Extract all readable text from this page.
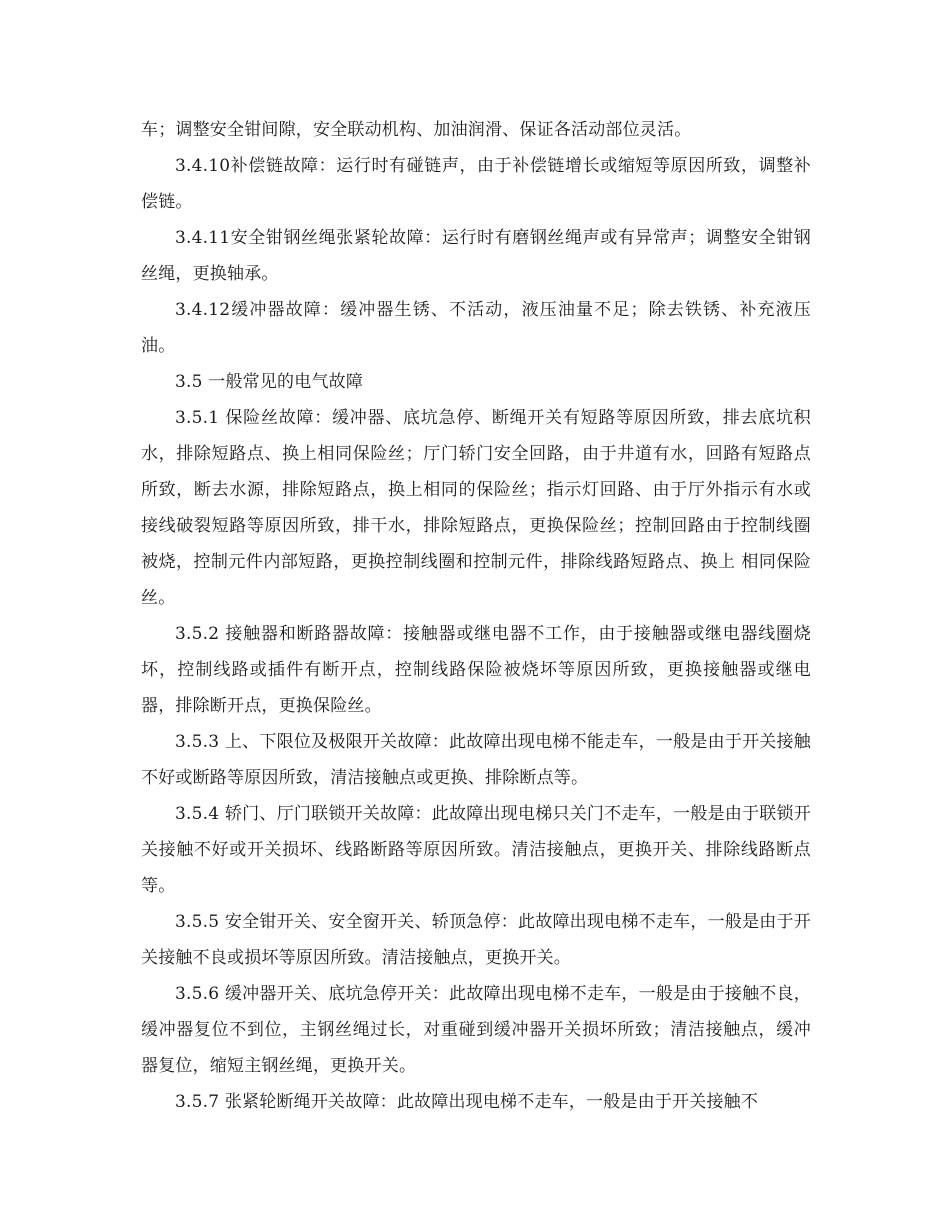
车；调整安全钳间隙，安全联动机构、加油润滑、保证各活动部位灵活。

3.4.10补偿链故障：运行时有碰链声，由于补偿链增长或缩短等原因所致，调整补偿链。

3.4.11安全钳钢丝绳张紧轮故障：运行时有磨钢丝绳声或有异常声；调整安全钳钢丝绳，更换轴承。

3.4.12缓冲器故障：缓冲器生锈、不活动，液压油量不足；除去铁锈、补充液压油。

3.5 一般常见的电气故障

3.5.1 保险丝故障：缓冲器、底坑急停、断绳开关有短路等原因所致，排去底坑积水，排除短路点、换上相同保险丝；厅门轿门安全回路，由于井道有水，回路有短路点所致，断去水源，排除短路点，换上相同的保险丝；指示灯回路、由于厅外指示有水或接线破裂短路等原因所致，排干水，排除短路点，更换保险丝；控制回路由于控制线圈被烧，控制元件内部短路，更换控制线圈和控制元件，排除线路短路点、换上 相同保险丝。

3.5.2 接触器和断路器故障：接触器或继电器不工作，由于接触器或继电器线圈烧坏，控制线路或插件有断开点，控制线路保险被烧坏等原因所致，更换接触器或继电器，排除断开点，更换保险丝。

3.5.3 上、下限位及极限开关故障：此故障出现电梯不能走车，一般是由于开关接触不好或断路等原因所致，清洁接触点或更换、排除断点等。

3.5.4 轿门、厅门联锁开关故障：此故障出现电梯只关门不走车，一般是由于联锁开关接触不好或开关损坏、线路断路等原因所致。清洁接触点，更换开关、排除线路断点等。

3.5.5 安全钳开关、安全窗开关、轿顶急停：此故障出现电梯不走车，一般是由于开关接触不良或损坏等原因所致。清洁接触点，更换开关。

3.5.6 缓冲器开关、底坑急停开关：此故障出现电梯不走车，一般是由于接触不良，缓冲器复位不到位，主钢丝绳过长，对重碰到缓冲器开关损坏所致；清洁接触点，缓冲器复位，缩短主钢丝绳，更换开关。

3.5.7 张紧轮断绳开关故障：此故障出现电梯不走车，一般是由于开关接触不
